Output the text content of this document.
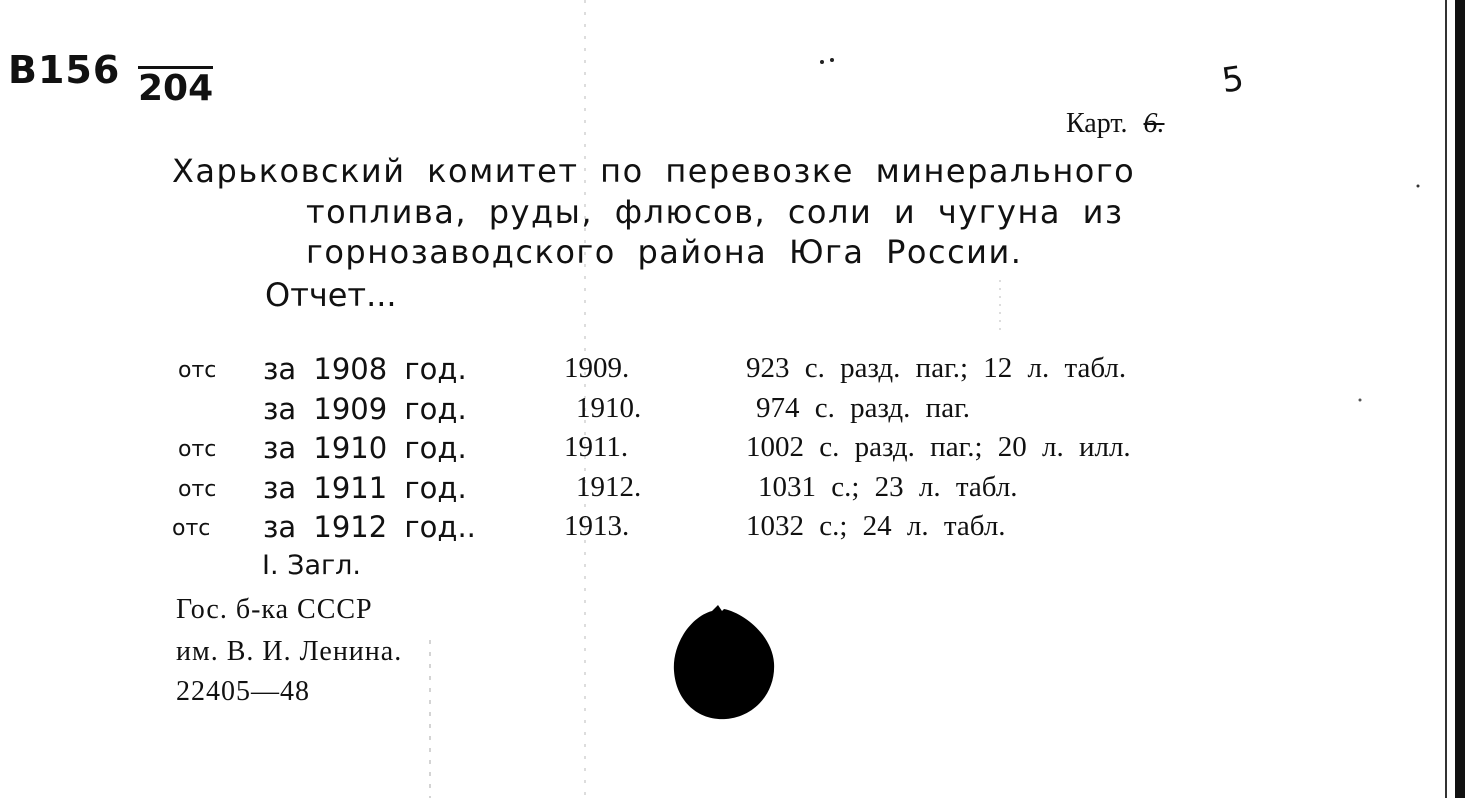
B156 204	5
Карт. 6.
Харьковский комитет по перевозке минерального
топлива, руды, флюсов, соли и чугуна из
горнозаводского района Юга России.
Отчет...
отс за 1908 год.	1909.	923 с. разд. паг.; 12 л. табл.
за 1909 год.	1910.	974 с. разд. паг.
отс за 1910 год.	1911.	1002 с. разд. паг.; 20 л. илл.
отс за 1911 год.	1912.	1031 с.; 23 л. табл.
отс за 1912 год..	1913.	1032 с.; 24 л. табл.
I. Загл.
Гос. б-ка СССР
им. В. И. Ленина.
22405—48
